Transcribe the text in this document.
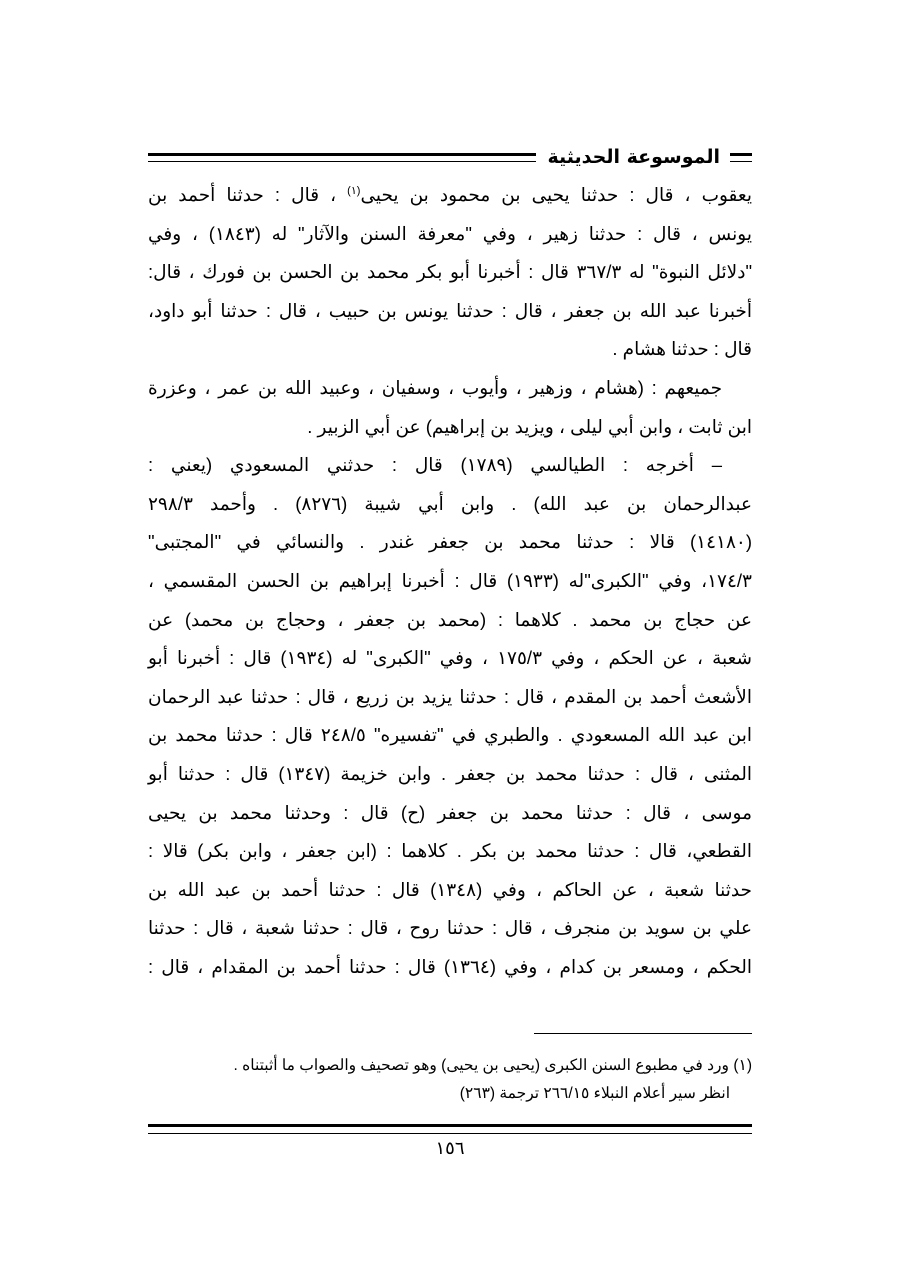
الموسوعة الحديثية
يعقوب ، قال : حدثنا يحيى بن محمود بن يحيى$^{(١)}$ ، قال : حدثنا أحمد بن
يونس ، قال : حدثنا زهير ، وفي "معرفة السنن والآثار" له (١٨٤٣) ، وفي
"دلائل النبوة" له ٣٦٧/٣ قال : أخبرنا أبو بكر محمد بن الحسن بن فورك ، قال:
أخبرنا عبد الله بن جعفر ، قال : حدثنا يونس بن حبيب ، قال : حدثنا أبو داود،
قال : حدثنا هشام .
جميعهم : (هشام ، وزهير ، وأيوب ، وسفيان ، وعبيد الله بن عمر ، وعزرة
ابن ثابت ، وابن أبي ليلى ، ويزيد بن إبراهيم) عن أبي الزبير .
– أخرجه : الطيالسي (١٧٨٩) قال : حدثني المسعودي (يعني :
عبدالرحمان بن عبد الله) . وابن أبي شيبة (٨٢٧٦) . وأحمد ٢٩٨/٣
(١٤١٨٠) قالا : حدثنا محمد بن جعفر غندر . والنسائي في "المجتبى"
١٧٤/٣، وفي "الكبرى"له (١٩٣٣) قال : أخبرنا إبراهيم بن الحسن المقسمي ،
عن حجاج بن محمد . كلاهما : (محمد بن جعفر ، وحجاج بن محمد) عن
شعبة ، عن الحكم ، وفي ١٧٥/٣ ، وفي "الكبرى" له (١٩٣٤) قال : أخبرنا أبو
الأشعث أحمد بن المقدم ، قال : حدثنا يزيد بن زريع ، قال : حدثنا عبد الرحمان
ابن عبد الله المسعودي . والطبري في "تفسيره" ٢٤٨/٥ قال : حدثنا محمد بن
المثنى ، قال : حدثنا محمد بن جعفر . وابن خزيمة (١٣٤٧) قال : حدثنا أبو
موسى ، قال : حدثنا محمد بن جعفر (ح) قال : وحدثنا محمد بن يحيى
القطعي، قال : حدثنا محمد بن بكر . كلاهما : (ابن جعفر ، وابن بكر) قالا :
حدثنا شعبة ، عن الحاكم ، وفي (١٣٤٨) قال : حدثنا أحمد بن عبد الله بن
علي بن سويد بن منجرف ، قال : حدثنا روح ، قال : حدثنا شعبة ، قال : حدثنا
الحكم ، ومسعر بن كدام ، وفي (١٣٦٤) قال : حدثنا أحمد بن المقدام ، قال :
(١) ورد في مطبوع السنن الكبرى (يحيى بن يحيى) وهو تصحيف والصواب ما أثبتناه .
انظر سير أعلام النبلاء ٢٦٦/١٥ ترجمة (٢٦٣)
١٥٦
